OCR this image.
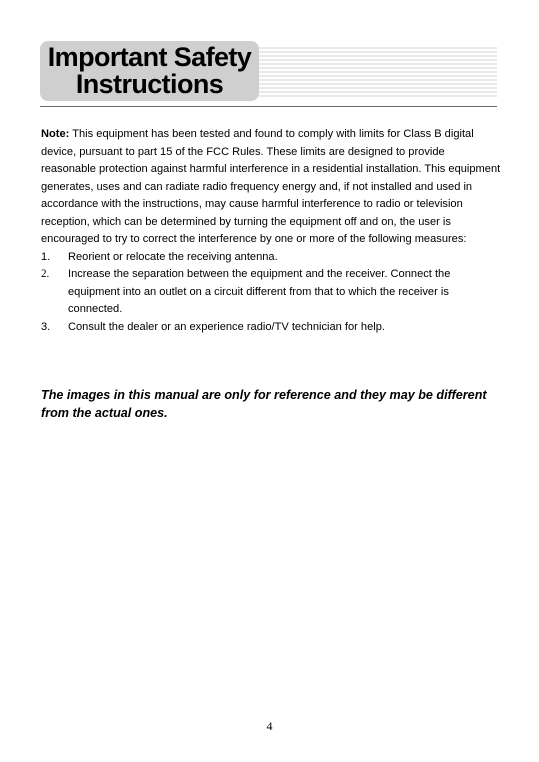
Important Safety
Instructions

Note: This equipment has been tested and found to comply with limits for Class B digital device, pursuant to part 15 of the FCC Rules. These limits are designed to provide reasonable protection against harmful interference in a residential installation. This equipment generates, uses and can radiate radio frequency energy and, if not installed and used in accordance with the instructions, may cause harmful interference to radio or television reception, which can be determined by turning the equipment off and on, the user is encouraged to try to correct the interference by one or more of the following measures:

1. Reorient or relocate the receiving antenna.
2. Increase the separation between the equipment and the receiver. Connect the equipment into an outlet on a circuit different from that to which the receiver is connected.
3. Consult the dealer or an experience radio/TV technician for help.
The images in this manual are only for reference and they may be different from the actual ones.
4
